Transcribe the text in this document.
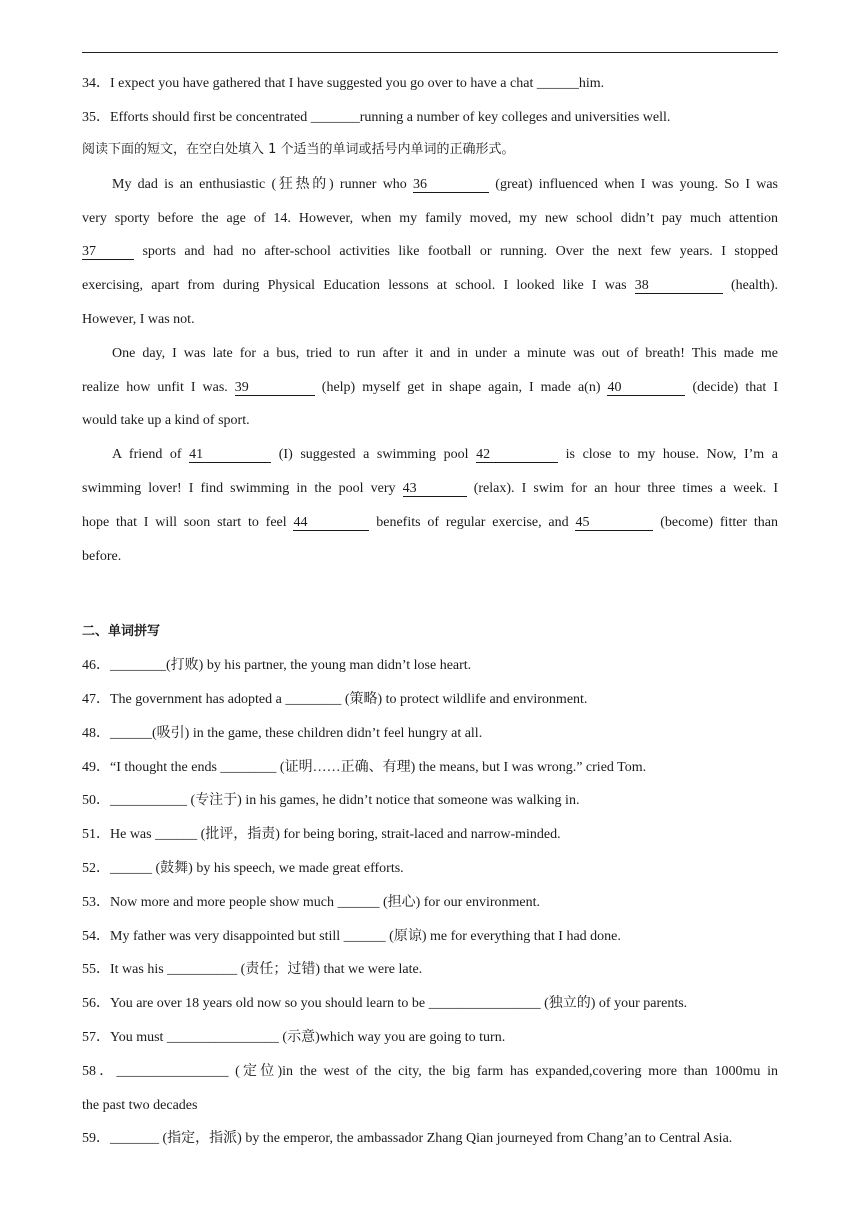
34．I expect you have gathered that I have suggested you go over to have a chat ______him.
35．Efforts should first be concentrated _______running a number of key colleges and universities well.
阅读下面的短文，在空白处填入 1 个适当的单词或括号内单词的正确形式。
My dad is an enthusiastic (狂热的) runner who 36	(great) influenced when I was young. So I was
very sporty before the age of 14. However, when my family moved, my new school didn’t pay much attention
37	sports and had no after-school activities like football or running. Over the next few years. I stopped
exercising, apart from during Physical Education lessons at school. I looked like I was 38	(health).
However, I was not.
One day, I was late for a bus, tried to run after it and in under a minute was out of breath! This made me
realize how unfit I was. 39	(help) myself get in shape again, I made a(n) 40	(decide) that I
would take up a kind of sport.
A friend of 41	(I) suggested a swimming pool 42	is close to my house. Now, I’m a
swimming lover! I find swimming in the pool very 43	(relax). I swim for an hour three times a week. I
hope that I will soon start to feel 44	benefits of regular exercise, and 45	(become) fitter than
before.
二、单词拼写
46．________(打败) by his partner, the young man didn’t lose heart.
47．The government has adopted a ________ (策略) to protect wildlife and environment.
48．______(吸引) in the game, these children didn’t feel hungry at all.
49．“I thought the ends ________ (证明……正确、有理) the means, but I was wrong.” cried Tom.
50．___________ (专注于) in his games, he didn’t notice that someone was walking in.
51．He was ______ (批评，指责) for being boring, strait-laced and narrow-minded.
52．______ (鼓舞) by his speech, we made great efforts.
53．Now more and more people show much ______ (担心) for our environment.
54．My father was very disappointed but still ______ (原谅) me for everything that I had done.
55．It was his __________ (责任；过错) that we were late.
56．You are over 18 years old now so you should learn to be ________________ (独立的) of your parents.
57．You must ________________ (示意)which way you are going to turn.
58．________________ (定位)in the west of the city, the big farm has expanded,covering more than 1000mu in
the past two decades
59．_______ (指定，指派) by the emperor, the ambassador Zhang Qian journeyed from Chang’an to Central Asia.
